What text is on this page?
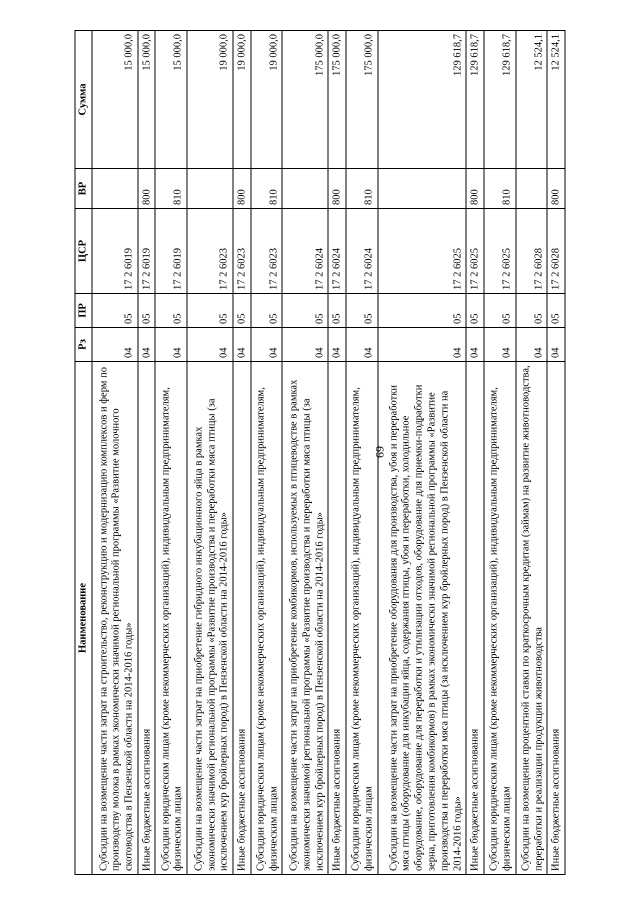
69
Наименование	Рз	ПР	ЦСР	ВР	Сумма
Субсидии на возмещение части затрат на строительство, реконструкцию и модернизацию комплексов и ферм по производству молока в рамках экономически значимой региональной программы «Развитие молочного скотоводства в Пензенской области на 2014-2016 годы»	04	05	17 2 6019		15 000,0
Иные бюджетные ассигнования	04	05	17 2 6019	800	15 000,0
Субсидии юридическим лицам (кроме некоммерческих организаций), индивидуальным предпринимателям, физическим лицам	04	05	17 2 6019	810	15 000,0
Субсидии на возмещение части затрат на приобретение гибридного инкубационного яйца в рамках экономически значимой региональной программы «Развитие производства и переработки мяса птицы (за исключением кур бройлерных пород) в Пензенской области на 2014-2016 годы»	04	05	17 2 6023		19 000,0
Иные бюджетные ассигнования	04	05	17 2 6023	800	19 000,0
Субсидии юридическим лицам (кроме некоммерческих организаций), индивидуальным предпринимателям, физическим лицам	04	05	17 2 6023	810	19 000,0
Субсидии на возмещение части затрат на приобретение комбикормов, используемых в птицеводстве в рамках экономически значимой региональной программы «Развитие производства и переработки мяса птицы (за исключением кур бройлерных пород) в Пензенской области на 2014-2016 годы»	04	05	17 2 6024		175 000,0
Иные бюджетные ассигнования	04	05	17 2 6024	800	175 000,0
Субсидии юридическим лицам (кроме некоммерческих организаций), индивидуальным предпринимателям, физическим лицам	04	05	17 2 6024	810	175 000,0
Субсидии на возмещение части затрат на приобретение оборудования для производства, убоя и переработки мяса птицы (оборудование для инкубации яйца, содержания птицы, убоя и переработки, холодильное оборудование, оборудование для переработки и утилизации отходов, оборудование для приемки-подработки зерна, приготовления комбикормов) в рамках экономически значимой региональной программы «Развитие производства и переработки мяса птицы (за исключением кур бройлерных пород) в Пензенской области на 2014-2016 годы»	04	05	17 2 6025		129 618,7
Иные бюджетные ассигнования	04	05	17 2 6025	800	129 618,7
Субсидии юридическим лицам (кроме некоммерческих организаций), индивидуальным предпринимателям, физическим лицам	04	05	17 2 6025	810	129 618,7
Субсидии на возмещение процентной ставки по краткосрочным кредитам (займам) на развитие животноводства, переработки и реализации продукции животноводства	04	05	17 2 6028		12 524,1
Иные бюджетные ассигнования	04	05	17 2 6028	800	12 524,1
